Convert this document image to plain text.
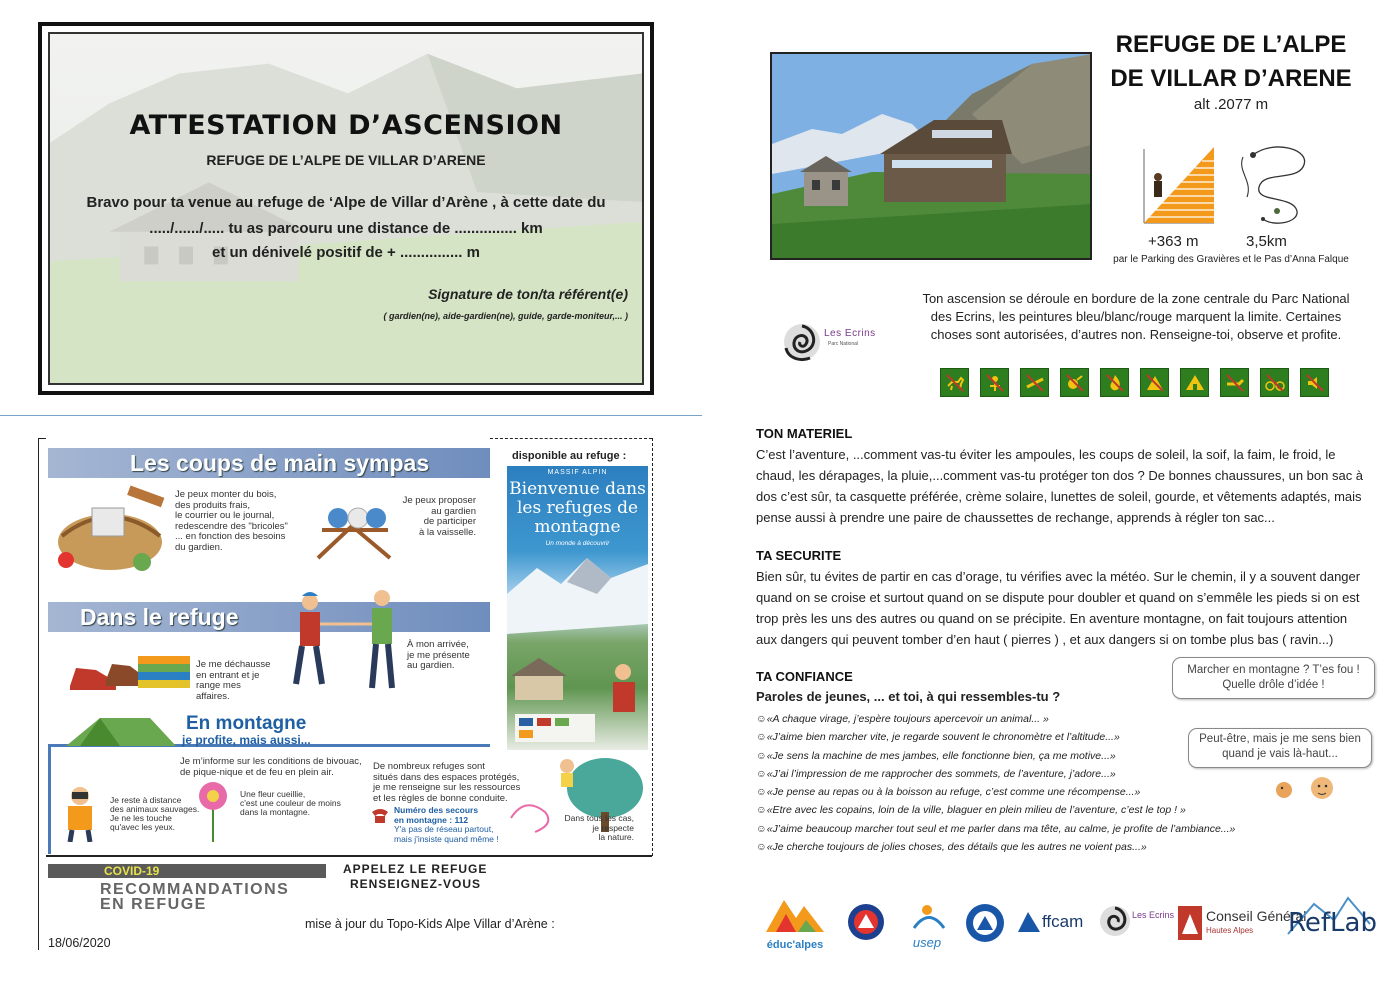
ATTESTATION D’ASCENSION
REFUGE DE L’ALPE DE VILLAR D’ARENE
Bravo pour ta venue au refuge de ‘Alpe de Villar d’Arène , à cette date du
...../....../..... tu as parcouru une distance de ............... km
et un dénivelé positif de + ............... m
Signature de ton/ta référent(e)
( gardien(ne), aide-gardien(ne), guide, garde-moniteur,... )
REFUGE DE L’ALPE
DE VILLAR D’ARENE
alt .2077 m
+363 m	3,5km
par le Parking des Gravières et le Pas d’Anna Falque
Les Ecrins
Parc National
Ton ascension se déroule en bordure de la zone centrale du Parc National des Ecrins, les peintures bleu/blanc/rouge marquent la limite. Certaines choses sont autorisées, d’autres non. Renseigne-toi, observe et profite.
TON MATERIEL
C’est l’aventure, ...comment vas-tu éviter les ampoules, les coups de soleil, la soif, la faim, le froid, le chaud, les dérapages, la pluie,...comment vas-tu protéger ton dos ? De bonnes chaussures, un bon sac à dos c’est sûr, ta casquette préférée, crème solaire, lunettes de soleil, gourde, et vêtements adaptés, mais pense aussi à prendre une paire de chaussettes de rechange, apprends à régler ton sac...
TA SECURITE
Bien sûr, tu évites de partir en cas d’orage, tu vérifies avec la météo. Sur le chemin, il y a souvent danger quand on se croise et surtout quand on se dispute pour doubler et quand on s’emmêle les pieds si on est trop près les uns des autres ou quand on se précipite. En aventure montagne, on fait toujours attention aux dangers qui peuvent tomber d’en haut ( pierres ) , et aux dangers si on tombe plus bas ( ravin...)
TA CONFIANCE
Paroles de jeunes, ... et toi, à qui ressembles-tu ?
☺«A chaque virage, j’espère toujours apercevoir un animal... »
☺«J’aime bien marcher vite, je regarde souvent le chronomètre et l’altitude...»
☺«Je sens la machine de mes jambes, elle fonctionne bien, ça me motive...»
☺«J’ai l’impression de me rapprocher des sommets, de l’aventure, j’adore...»
☺«Je pense au repas ou à la boisson au refuge, c’est comme une récompense...»
☺«Etre avec les copains, loin de la ville, blaguer en plein milieu de l’aventure, c’est le top ! »
☺«J’aime beaucoup marcher tout seul et me parler dans ma tête, au calme, je profite de l’ambiance...»
☺«Je cherche toujours de jolies choses, des détails que les autres ne voient pas...»
Marcher en montagne ? T’es fou !
Quelle drôle d’idée !
Peut-être, mais je me sens bien
quand je vais là-haut...
éduc'alpes	usep
ffcam	Les Ecrins Conseil Général
Hautes Alpes RefLab
Les coups de main sympas
Je peux monter du bois,
des produits frais,
le courrier ou le journal,
redescendre des "bricoles"
... en fonction des besoins
du gardien.
Je peux proposer
au gardien
de participer
à la vaisselle.
Dans le refuge
À mon arrivée,
je me présente
au gardien.
Je me déchausse
en entrant et je
range mes
affaires.
En montagne
je profite, mais aussi...
Je m’informe sur les conditions de bivouac,
de pique-nique et de feu en plein air.	De nombreux refuges sont
situés dans des espaces protégés,
je me renseigne sur les ressources
et les règles de bonne conduite.
Je reste à distance
des animaux sauvages.
Je ne les touche
qu'avec les yeux.
Une fleur cueillie,
c'est une couleur de moins
dans la montagne.	Numéro des secours
en montagne : 112
Y'a pas de réseau partout,
mais j'insiste quand même !
Dans tous les cas,
je respecte
la nature.
disponible au refuge :
MASSIF ALPIN
Bienvenue dans les refuges de montagne
Un monde à découvrir
COVID-19
RECOMMANDATIONS
EN REFUGE
APPELEZ LE REFUGE
RENSEIGNEZ-VOUS
mise à jour du Topo-Kids Alpe Villar d’Arène :
18/06/2020
